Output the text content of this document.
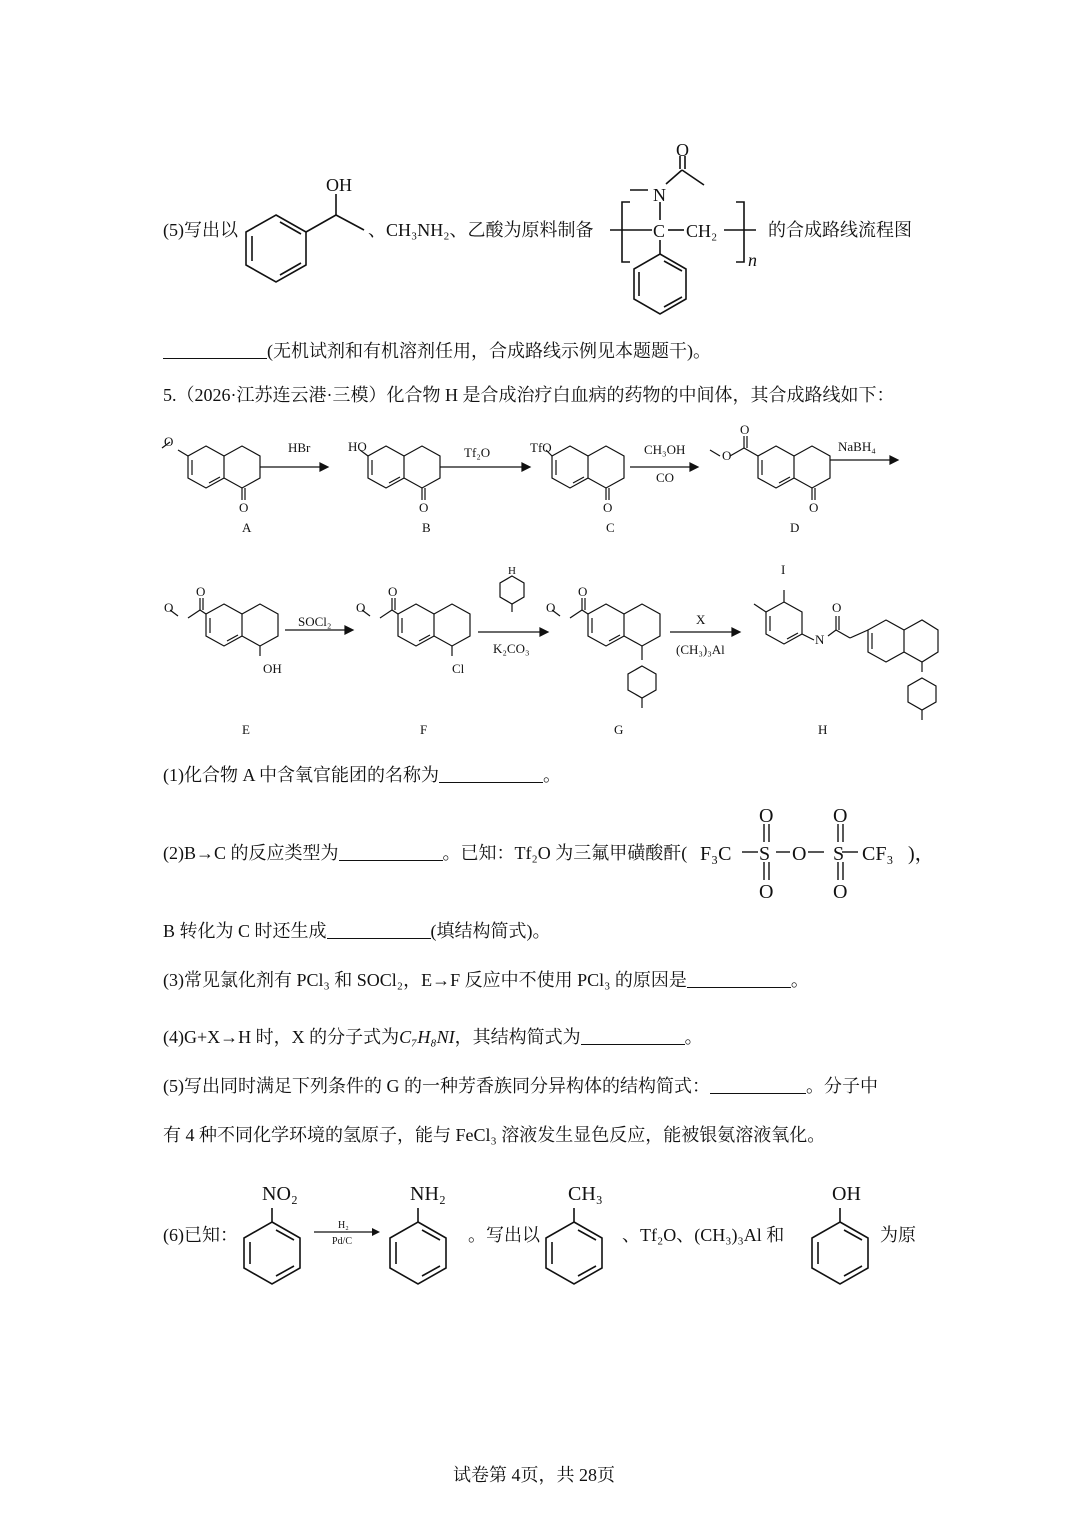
(5)写出以
OH
、CH₃NH₂、乙酸为原料制备
O
N
C CH₂
n
的合成路线流程图
(无机试剂和有机溶剂任用，合成路线示例见本题题干)。
5.（2026·江苏连云港·三模）化合物 H 是合成治疗白血病的药物的中间体，其合成路线如下：
O
O
HBr
A
HO
O
Tf₂O
B
TfO
O
CH₃OH
CO
C
O
O
O
NaBH₄
D
O
O
OH
SOCl₂
E
O
O
Cl
H
K₂CO₃
F
O
O
X
(CH₃)₃Al
G
I
N
O
H
(1)化合物 A 中含氧官能团的名称为	。
(2)B→C 的反应类型为	。已知：Tf₂O 为三氟甲磺酸酐( F₃C S
O
O
O S
O
O
CF₃ )，
B 转化为 C 时还生成	(填结构简式)。
(3)常见氯化剂有 PCl₃ 和 SOCl₂，E→F 反应中不使用 PCl₃ 的原因是	。
(4)G+X→H 时，X 的分子式为C₇H₈NI，其结构简式为	。
(5)写出同时满足下列条件的 G 的一种芳香族同分异构体的结构简式：	。分子中
有 4 种不同化学环境的氢原子，能与 FeCl₃ 溶液发生显色反应，能被银氨溶液氧化。
(6)已知：
NO₂
H₂
Pd/C
NH₂
。写出以
CH₃
、Tf₂O、(CH₃)₃Al 和
OH
为原
试卷第 4页，共 28页
